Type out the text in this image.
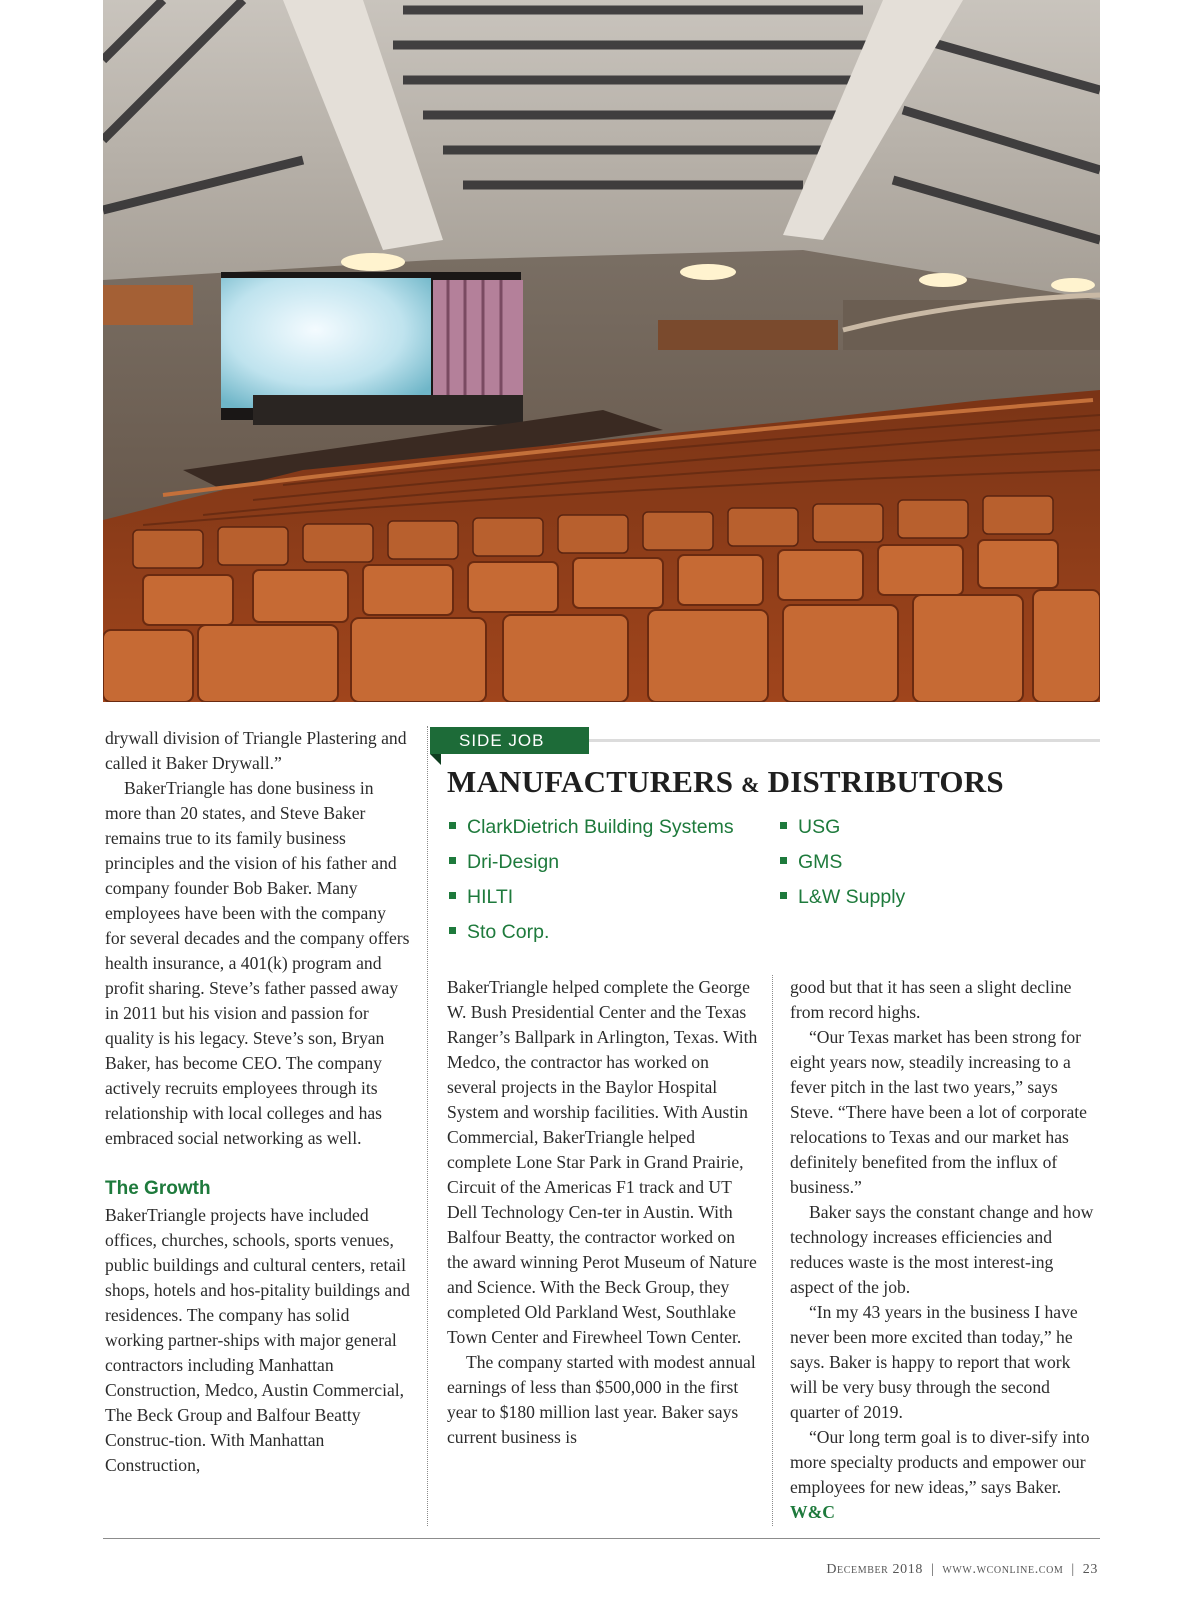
drywall division of Triangle Plastering and called it Baker Drywall.”

BakerTriangle has done business in more than 20 states, and Steve Baker remains true to its family business principles and the vision of his father and company founder Bob Baker. Many employees have been with the company for several decades and the company offers health insurance, a 401(k) program and profit sharing. Steve’s father passed away in 2011 but his vision and passion for quality is his legacy. Steve’s son, Bryan Baker, has become CEO. The company actively recruits employees through its relationship with local colleges and has embraced social networking as well.

The Growth

BakerTriangle projects have included offices, churches, schools, sports venues, public buildings and cultural centers, retail shops, hotels and hos-pitality buildings and residences. The company has solid working partner-ships with major general contractors including Manhattan Construction, Medco, Austin Commercial, The Beck Group and Balfour Beatty Construc-tion. With Manhattan Construction,

SIDE JOB
MANUFACTURERS & DISTRIBUTORS
ClarkDietrich Building Systems
Dri-Design
HILTI
Sto Corp.
USG
GMS
L&W Supply

BakerTriangle helped complete the George W. Bush Presidential Center and the Texas Ranger’s Ballpark in Arlington, Texas. With Medco, the contractor has worked on several projects in the Baylor Hospital System and worship facilities. With Austin Commercial, BakerTriangle helped complete Lone Star Park in Grand Prairie, Circuit of the Americas F1 track and UT Dell Technology Cen-ter in Austin. With Balfour Beatty, the contractor worked on the award winning Perot Museum of Nature and Science. With the Beck Group, they completed Old Parkland West, Southlake Town Center and Firewheel Town Center.

The company started with modest annual earnings of less than $500,000 in the first year to $180 million last year. Baker says current business is

good but that it has seen a slight decline from record highs.

“Our Texas market has been strong for eight years now, steadily increasing to a fever pitch in the last two years,” says Steve. “There have been a lot of corporate relocations to Texas and our market has definitely benefited from the influx of business.”

Baker says the constant change and how technology increases efficiencies and reduces waste is the most interest-ing aspect of the job.

“In my 43 years in the business I have never been more excited than today,” he says. Baker is happy to report that work will be very busy through the second quarter of 2019.

“Our long term goal is to diver-sify into more specialty products and empower our employees for new ideas,” says Baker. W&C

December 2018 | www.wconline.com | 23
